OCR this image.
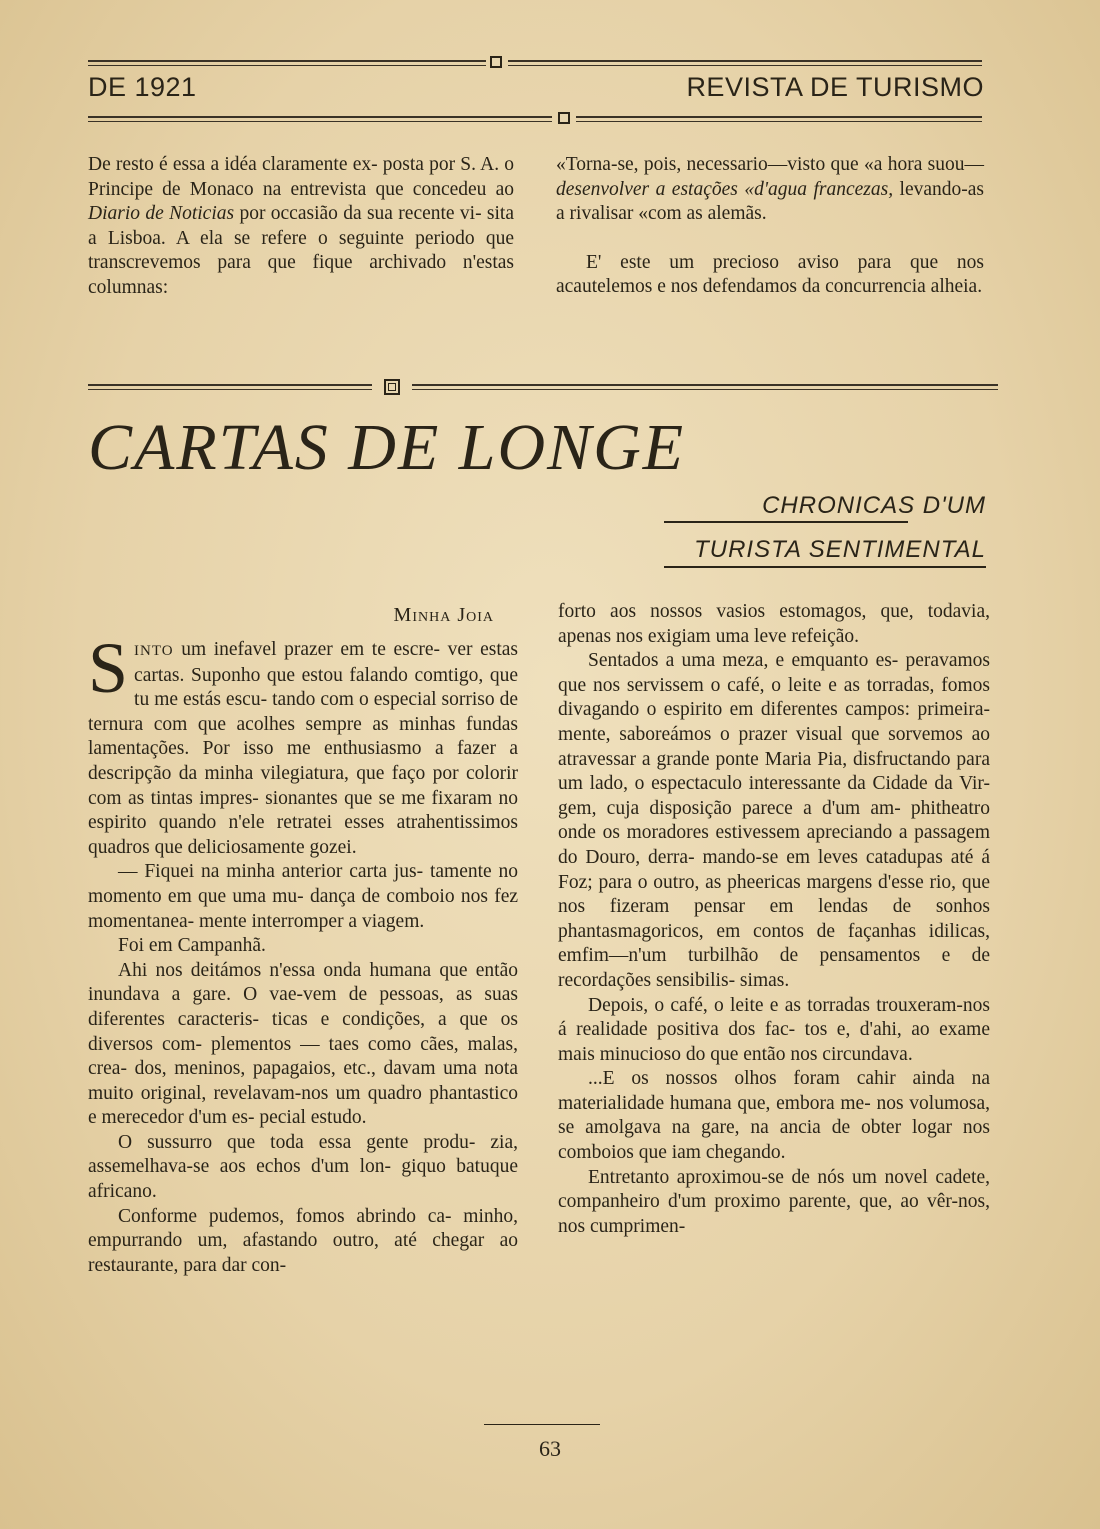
DE 1921	REVISTA DE TURISMO

De resto é essa a idéa claramente ex- posta por S. A. o Principe de Monaco na entrevista que concedeu ao Diario de Noticias por occasião da sua recente vi- sita a Lisboa. A ela se refere o seguinte periodo que transcrevemos para que fique archivado n'estas columnas:

«Torna-se, pois, necessario—visto que «a hora suou—desenvolver a estações «d'agua francezas, levando-as a rivalisar «com as alemãs.

E' este um precioso aviso para que nos acautelemos e nos defendamos da concurrencia alheia.

CARTAS DE LONGE
CHRONICAS D'UM
TURISTA SENTIMENTAL
Minha Joia

SINTO um inefavel prazer em te escre- ver estas cartas. Suponho que estou falando comtigo, que tu me estás escu- tando com o especial sorriso de ternura com que acolhes sempre as minhas fundas lamentações. Por isso me enthusiasmo a fazer a descripção da minha vilegiatura, que faço por colorir com as tintas impres- sionantes que se me fixaram no espirito quando n'ele retratei esses atrahentissimos quadros que deliciosamente gozei.

— Fiquei na minha anterior carta jus- tamente no momento em que uma mu- dança de comboio nos fez momentanea- mente interromper a viagem.

Foi em Campanhã.

Ahi nos deitámos n'essa onda humana que então inundava a gare. O vae-vem de pessoas, as suas diferentes caracteris- ticas e condições, a que os diversos com- plementos — taes como cães, malas, crea- dos, meninos, papagaios, etc., davam uma nota muito original, revelavam-nos um quadro phantastico e merecedor d'um es- pecial estudo.

O sussurro que toda essa gente produ- zia, assemelhava-se aos echos d'um lon- giquo batuque africano.

Conforme pudemos, fomos abrindo ca- minho, empurrando um, afastando outro, até chegar ao restaurante, para dar con-

forto aos nossos vasios estomagos, que, todavia, apenas nos exigiam uma leve refeição.

Sentados a uma meza, e emquanto es- peravamos que nos servissem o café, o leite e as torradas, fomos divagando o espirito em diferentes campos: primeira- mente, saboreámos o prazer visual que sorvemos ao atravessar a grande ponte Maria Pia, disfructando para um lado, o espectaculo interessante da Cidade da Vir- gem, cuja disposição parece a d'um am- phitheatro onde os moradores estivessem apreciando a passagem do Douro, derra- mando-se em leves catadupas até á Foz; para o outro, as pheericas margens d'esse rio, que nos fizeram pensar em lendas de sonhos phantasmagoricos, em contos de façanhas idilicas, emfim—n'um turbilhão de pensamentos e de recordações sensibilis- simas.

Depois, o café, o leite e as torradas trouxeram-nos á realidade positiva dos fac- tos e, d'ahi, ao exame mais minucioso do que então nos circundava.

...E os nossos olhos foram cahir ainda na materialidade humana que, embora me- nos volumosa, se amolgava na gare, na ancia de obter logar nos comboios que iam chegando.

Entretanto aproximou-se de nós um novel cadete, companheiro d'um proximo parente, que, ao vêr-nos, nos cumprimen-

63
